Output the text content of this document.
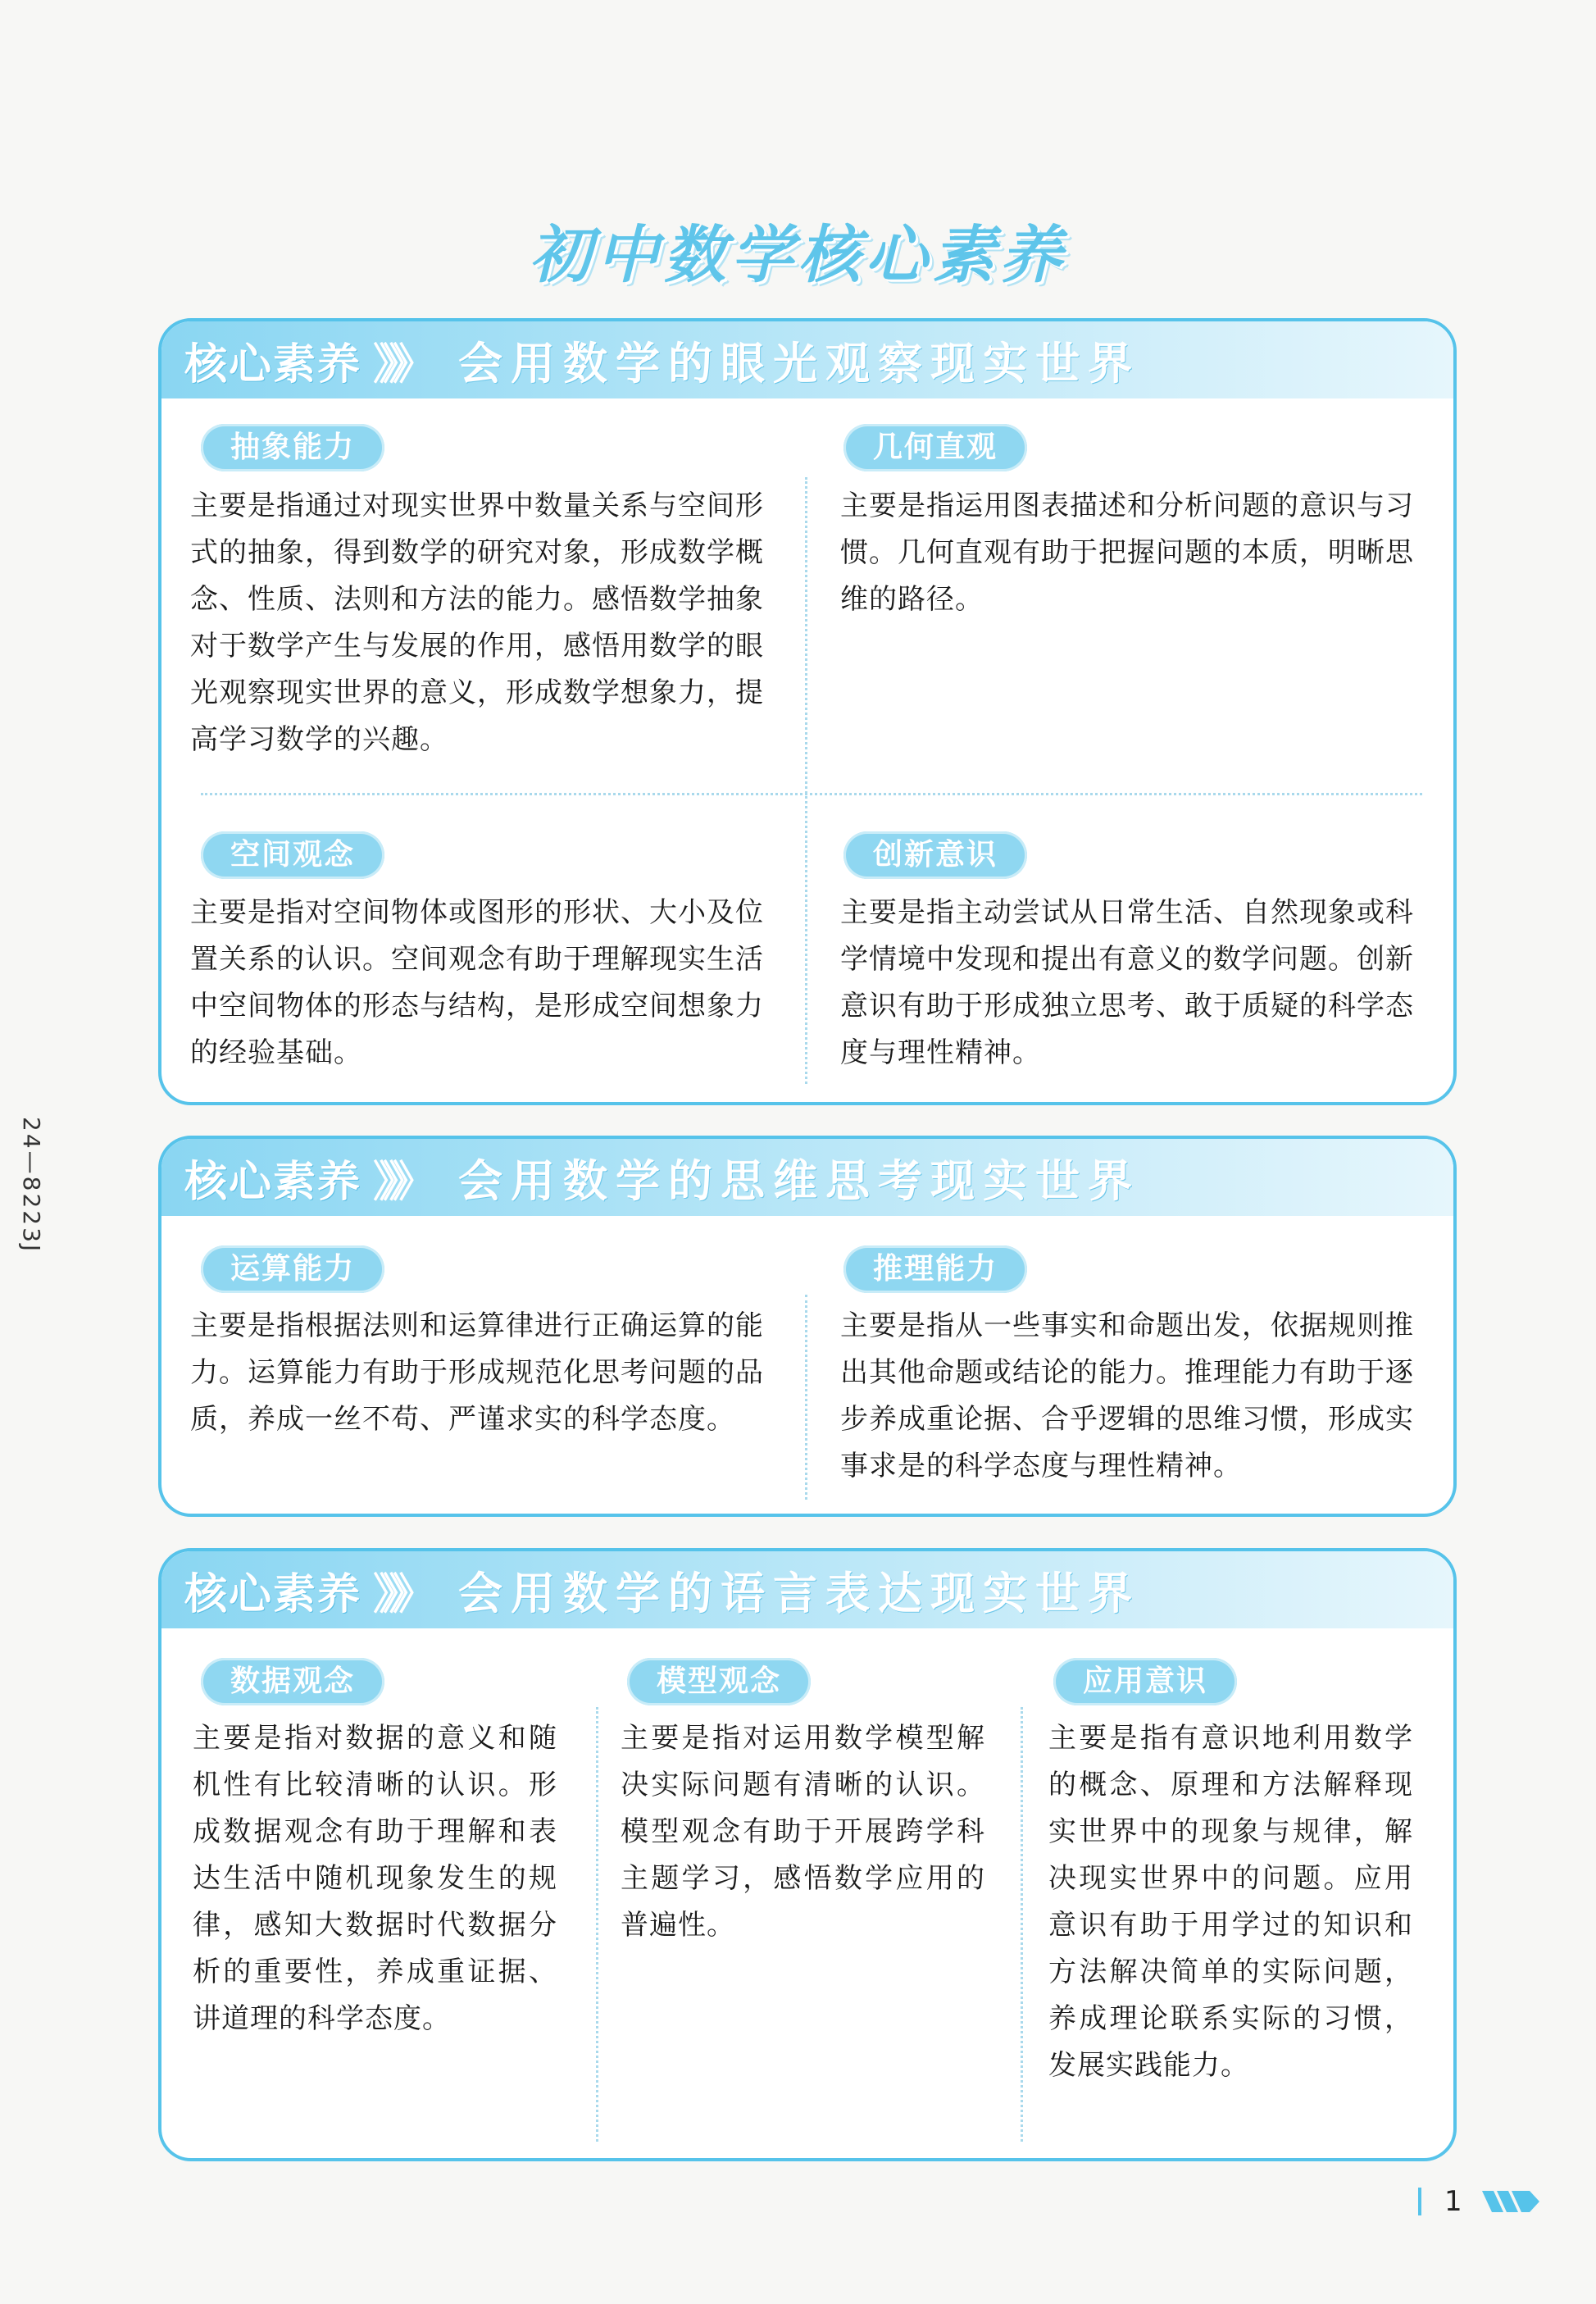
初中数学核心素养
核心素养 》》》 会用数学的眼光观察现实世界
抽象能力
主要是指通过对现实世界中数量关系与空间形式的抽象，得到数学的研究对象，形成数学概念、性质、法则和方法的能力。感悟数学抽象对于数学产生与发展的作用，感悟用数学的眼光观察现实世界的意义，形成数学想象力，提高学习数学的兴趣。
几何直观
主要是指运用图表描述和分析问题的意识与习惯。几何直观有助于把握问题的本质，明晰思维的路径。
空间观念
主要是指对空间物体或图形的形状、大小及位置关系的认识。空间观念有助于理解现实生活中空间物体的形态与结构，是形成空间想象力的经验基础。
创新意识
主要是指主动尝试从日常生活、自然现象或科学情境中发现和提出有意义的数学问题。创新意识有助于形成独立思考、敢于质疑的科学态度与理性精神。
核心素养 》》》 会用数学的思维思考现实世界
运算能力
主要是指根据法则和运算律进行正确运算的能力。运算能力有助于形成规范化思考问题的品质，养成一丝不苟、严谨求实的科学态度。
推理能力
主要是指从一些事实和命题出发，依据规则推出其他命题或结论的能力。推理能力有助于逐步养成重论据、合乎逻辑的思维习惯，形成实事求是的科学态度与理性精神。
核心素养 》》》 会用数学的语言表达现实世界
数据观念
主要是指对数据的意义和随机性有比较清晰的认识。形成数据观念有助于理解和表达生活中随机现象发生的规律，感知大数据时代数据分析的重要性，养成重证据、讲道理的科学态度。
模型观念
主要是指对运用数学模型解决实际问题有清晰的认识。模型观念有助于开展跨学科主题学习，感悟数学应用的普遍性。
应用意识
主要是指有意识地利用数学的概念、原理和方法解释现实世界中的现象与规律，解决现实世界中的问题。应用意识有助于用学过的知识和方法解决简单的实际问题，养成理论联系实际的习惯，发展实践能力。
24—8223J
1
